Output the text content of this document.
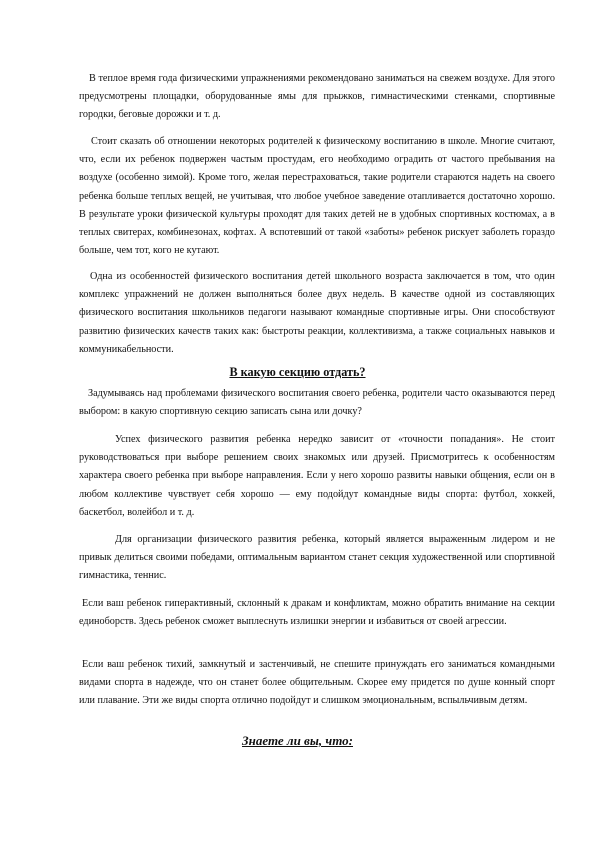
В теплое время года физическими упражнениями рекомендовано заниматься на свежем воздухе. Для этого предусмотрены площадки, оборудованные ямы для прыжков, гимнастическими стенками, спортивные городки, беговые дорожки и т. д.

Стоит сказать об отношении некоторых родителей к физическому воспитанию в школе. Многие считают, что, если их ребенок подвержен частым простудам, его необходимо оградить от частого пребывания на воздухе (особенно зимой). Кроме того, желая перестраховаться, такие родители стараются надеть на своего ребенка больше теплых вещей, не учитывая, что любое учебное заведение отапливается достаточно хорошо. В результате уроки физической культуры проходят для таких детей не в удобных спортивных костюмах, а в теплых свитерах, комбинезонах, кофтах. А вспотевший от такой «заботы» ребенок рискует заболеть гораздо больше, чем тот, кого не кутают.

Одна из особенностей физического воспитания детей школьного возраста заключается в том, что один комплекс упражнений не должен выполняться более двух недель. В качестве одной из составляющих физического воспитания школьников педагоги называют командные спортивные игры. Они способствуют развитию физических качеств таких как: быстроты реакции, коллективизма, а также социальных навыков и коммуникабельности.

В какую секцию отдать?

Задумываясь над проблемами физического воспитания своего ребенка, родители часто оказываются перед выбором: в какую спортивную секцию записать сына или дочку?

Успех физического развития ребенка нередко зависит от «точности попадания». Не стоит руководствоваться при выборе решением своих знакомых или друзей. Присмотритесь к особенностям характера своего ребенка при выборе направления. Если у него хорошо развиты навыки общения, если он в любом коллективе чувствует себя хорошо — ему подойдут командные виды спорта: футбол, хоккей, баскетбол, волейбол и т. д.

Для организации физического развития ребенка, который является выраженным лидером и не привык делиться своими победами, оптимальным вариантом станет секция художественной или спортивной гимнастика, теннис.

Если ваш ребенок гиперактивный, склонный к дракам и конфликтам, можно обратить внимание на секции единоборств. Здесь ребенок сможет выплеснуть излишки энергии и избавиться от своей агрессии.

Если ваш ребенок тихий, замкнутый и застенчивый, не спешите принуждать его заниматься командными видами спорта в надежде, что он станет более общительным. Скорее ему придется по душе конный спорт или плавание. Эти же виды спорта отлично подойдут и слишком эмоциональным, вспыльчивым детям.

Знаете ли вы, что:
